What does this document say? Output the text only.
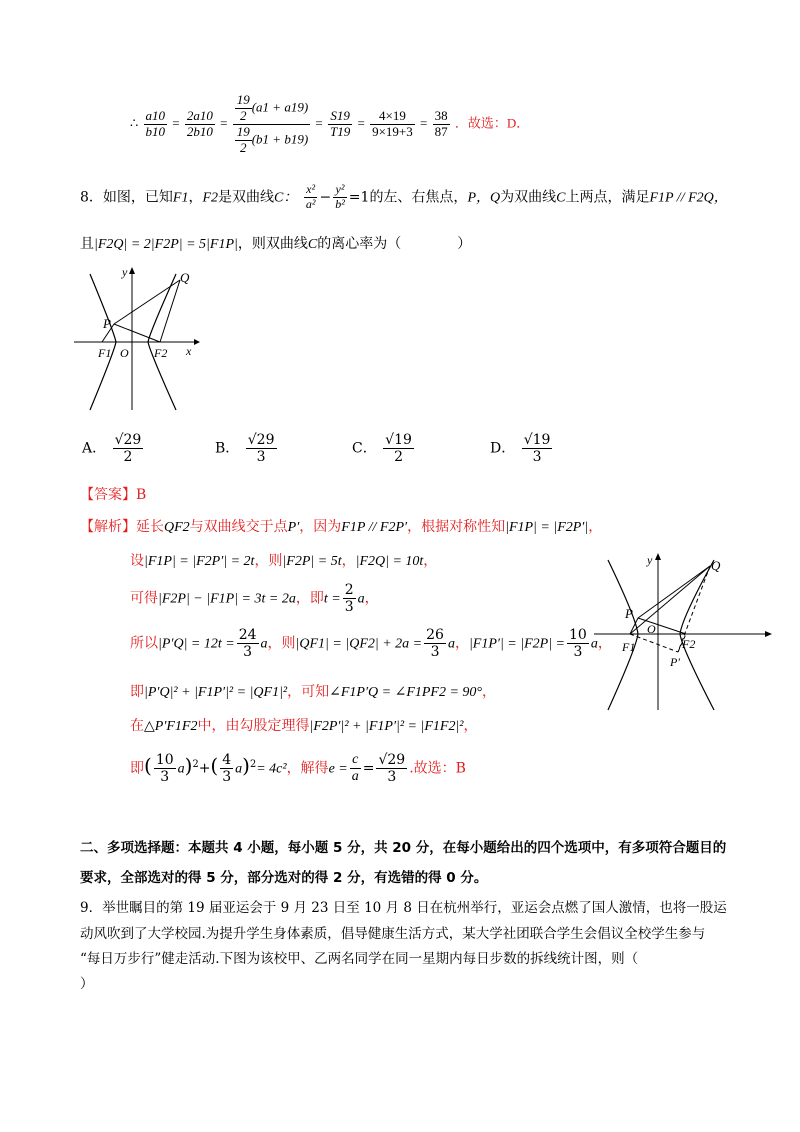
∴ $\frac{a10}{b10} = \frac{2a10}{2b10} = \frac{\frac{19}{2} (a1 + a19)}{\frac{19}{2} (b1 + b19)} = \frac{S19}{T19} = \frac{4\times 19}{9\times 19+3} = \frac{38}{87}$ ．故选：D．
8．如图，已知F1，F2是双曲线C： $\frac{\text{x²}}{\text{a²}} - \frac{\text{y²}}{\text{b²}} =1$的左、右焦点，P，Q为双曲线C上两点，满足F1P // F2Q，
且|F2Q| = 2|F2P| = 5|F1P|，则双曲线C的离心率为（　　　　）
y	Q
P
F1 O F2 x
A． $\frac{√29}{2}$	B． $\frac{√29}{3}$	C． $\frac{√19}{2}$	D． $\frac{√19}{3}$
【答案】B
【解析】延长QF2与双曲线交于点P′，因为F1P // F2P′，根据对称性知|F1P| = |F2P′|，
设|F1P| = |F2P′| = 2t，则|F2P| = 5t，|F2Q| = 10t，
可得|F2P| − |F1P| = 3t = 2a，即$t = \frac{2}{3}$ a，
所以$|P'Q| = 12t = \frac{24}{3}$ a，则$|QF1| = |QF2| + 2a = \frac{26}{3}$ a，$|F1P'| = |F2P| = \frac{10}{3}$ a，
即|P′Q|² + |F1P′|² = |QF1|²，可知∠F1P′Q = ∠F1PF2 = 90°，
在△P′F1F2中，由勾股定理得|F2P′|² + |F1P′|² = |F1F2|²，
即( $\frac{10}{3} a)^2+( \frac{4}{3} a)^2= 4c^2$，解得$e = \frac{c}{a} = \frac{√29}{3}$ .故选：B
y	Q
P
O
F1	F2
P′
二、多项选择题：本题共 4 小题，每小题 5 分，共 20 分，在每小题给出的四个选项中，有多项符合题目的
要求，全部选对的得 5 分，部分选对的得 2 分，有选错的得 0 分。
9．举世瞩目的第 19 届亚运会于 9 月 23 日至 10 月 8 日在杭州举行，亚运会点燃了国人激情，也将一股运
动风吹到了大学校园.为提升学生身体素质，倡导健康生活方式，某大学社团联合学生会倡议全校学生参与
“每日万步行”健走活动.下图为该校甲、乙两名同学在同一星期内每日步数的拆线统计图，则（
）
